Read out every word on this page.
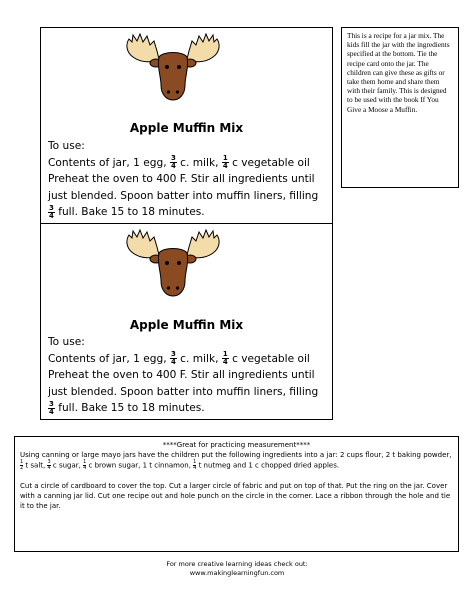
Apple Muffin Mix
To use:
Contents of jar, 1 egg, $\frac{3}{4} c$. milk, $\frac{1}{4}$ c vegetable oil
Preheat the oven to 400 F. Stir all ingredients until
just blended. Spoon batter into muffin liners, filling
$\frac{3}{4}$ full. Bake 15 to 18 minutes.
Apple Muffin Mix
To use:
Contents of jar, 1 egg, $\frac{3}{4} c$. milk, $\frac{1}{4}$ c vegetable oil
Preheat the oven to 400 F. Stir all ingredients until
just blended. Spoon batter into muffin liners, filling
$\frac{3}{4}$ full. Bake 15 to 18 minutes.
This is a recipe for a jar mix. The kids fill the jar with the ingredients specified at the bottom. Tie the recipe card onto the jar. The children can give these as gifts or take them home and share them with their family. This is designed to be used with the book If You Give a Moose a Muffin.

****Great for practicing measurement****

Using canning or large mayo jars have the children put the following ingredients into a jar: 2 cups flour, 2 t baking powder,
$\frac{1}{2}$ t salt, $\frac{3}{4}$ c sugar, $\frac{1}{4}$ c brown sugar, 1 t cinnamon, $\frac{1}{4}$ t nutmeg and 1 c chopped dried apples.

Cut a circle of cardboard to cover the top. Cut a larger circle of fabric and put on top of that. Put the ring on the jar. Cover with a canning jar lid. Cut one recipe out and hole punch on the circle in the corner. Lace a ribbon through the hole and tie it to the jar.

For more creative learning ideas check out:
www.makinglearningfun.com
